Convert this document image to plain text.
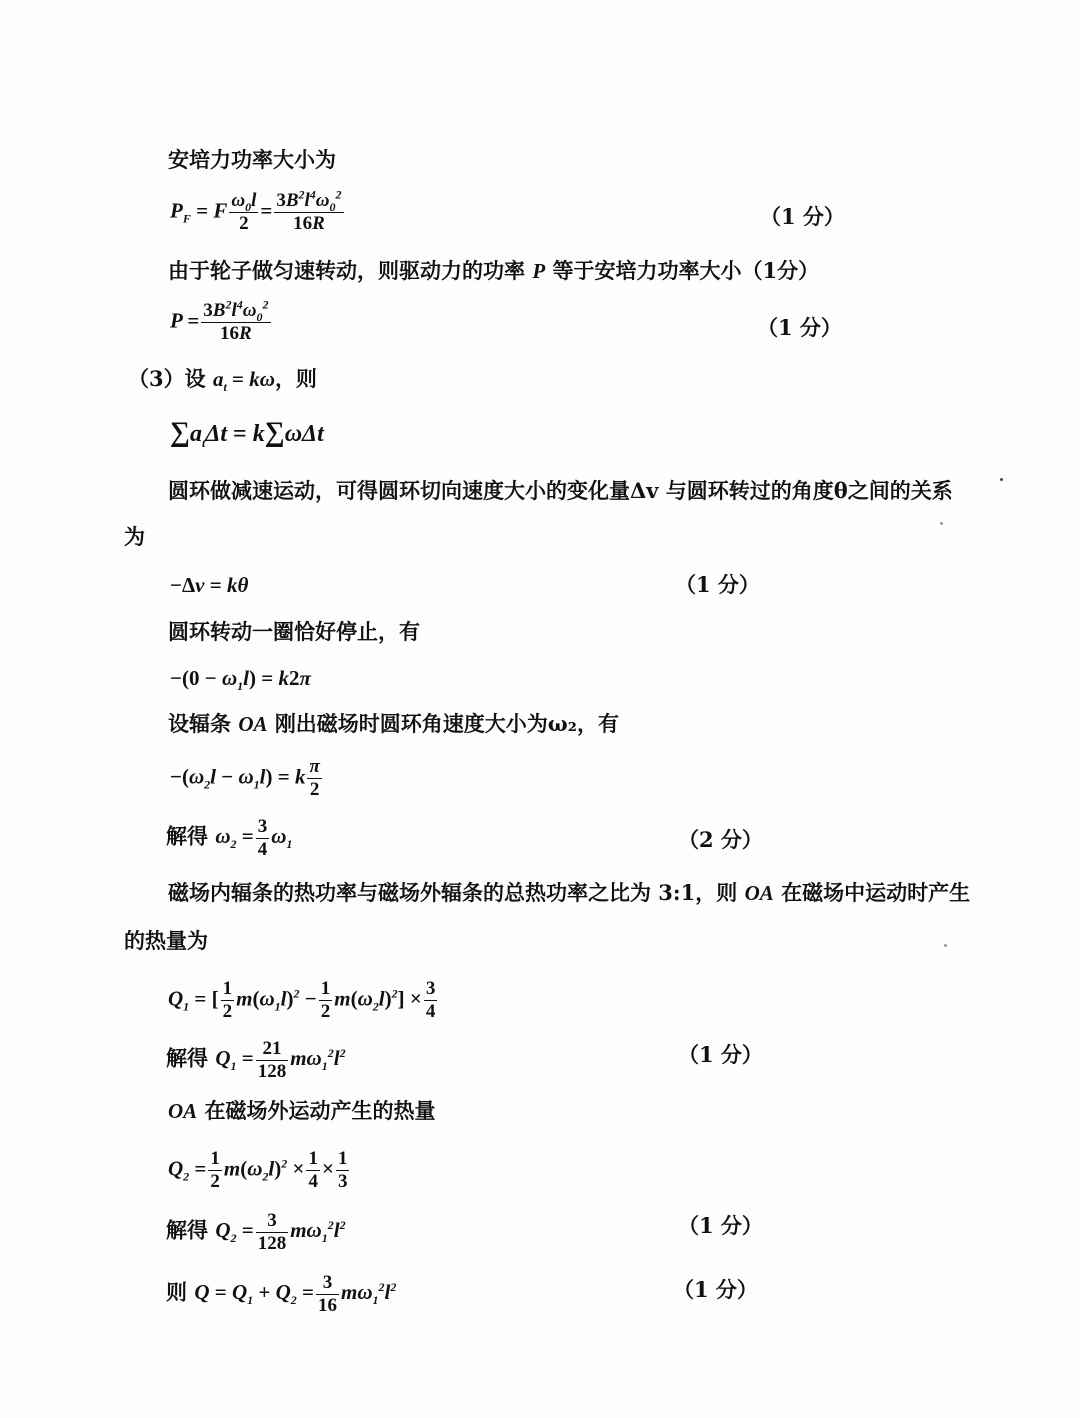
安培力功率大小为
$P_F = F \frac{\omega_0l}{2} = \frac{3B^2l^4\omega_0^2}{16R}$	（1 分）
由于轮子做匀速转动，则驱动力的功率 P 等于安培力功率大小（1分）
$P = \frac{3B^2l^4\omega_0^2}{16R}$	（1 分）
（3）设 $a_t = k\omega$，则
$\sum a_t\Delta t = k\sum\omega\Delta t$
圆环做减速运动，可得圆环切向速度大小的变化量Δv 与圆环转过的角度θ之间的关系
为
−Δv = kθ	（1 分）
圆环转动一圈恰好停止，有
$-(0 - \omega_1l) = k2\pi$
设辐条 OA 刚出磁场时圆环角速度大小为ω₂，有
$-(\omega_2l - \omega_1l) = k \frac{\pi}{2}$
解得 $\omega_2 = \frac{3}{4} \omega_1$	（2 分）
磁场内辐条的热功率与磁场外辐条的总热功率之比为 3:1，则 OA 在磁场中运动时产生
的热量为
$Q_1$ = [ $\frac{1}{2} m(\omega_1l)^2 - \frac{1}{2} m(\omega_2l)^2] \times \frac{3}{4}$
解得 $Q_1 = \frac{21}{128} m\omega_1^2l^2$	（1 分）
OA 在磁场外运动产生的热量
$Q_2 = \frac{1}{2} m(\omega_2l)^2 \times \frac{1}{4} \times \frac{1}{3}$
解得 $Q_2 = \frac{3}{128} m\omega_1^2l^2$	（1 分）
则 $Q = Q_1 + Q_2 = \frac{3}{16} m\omega_1^2l^2$	（1 分）
